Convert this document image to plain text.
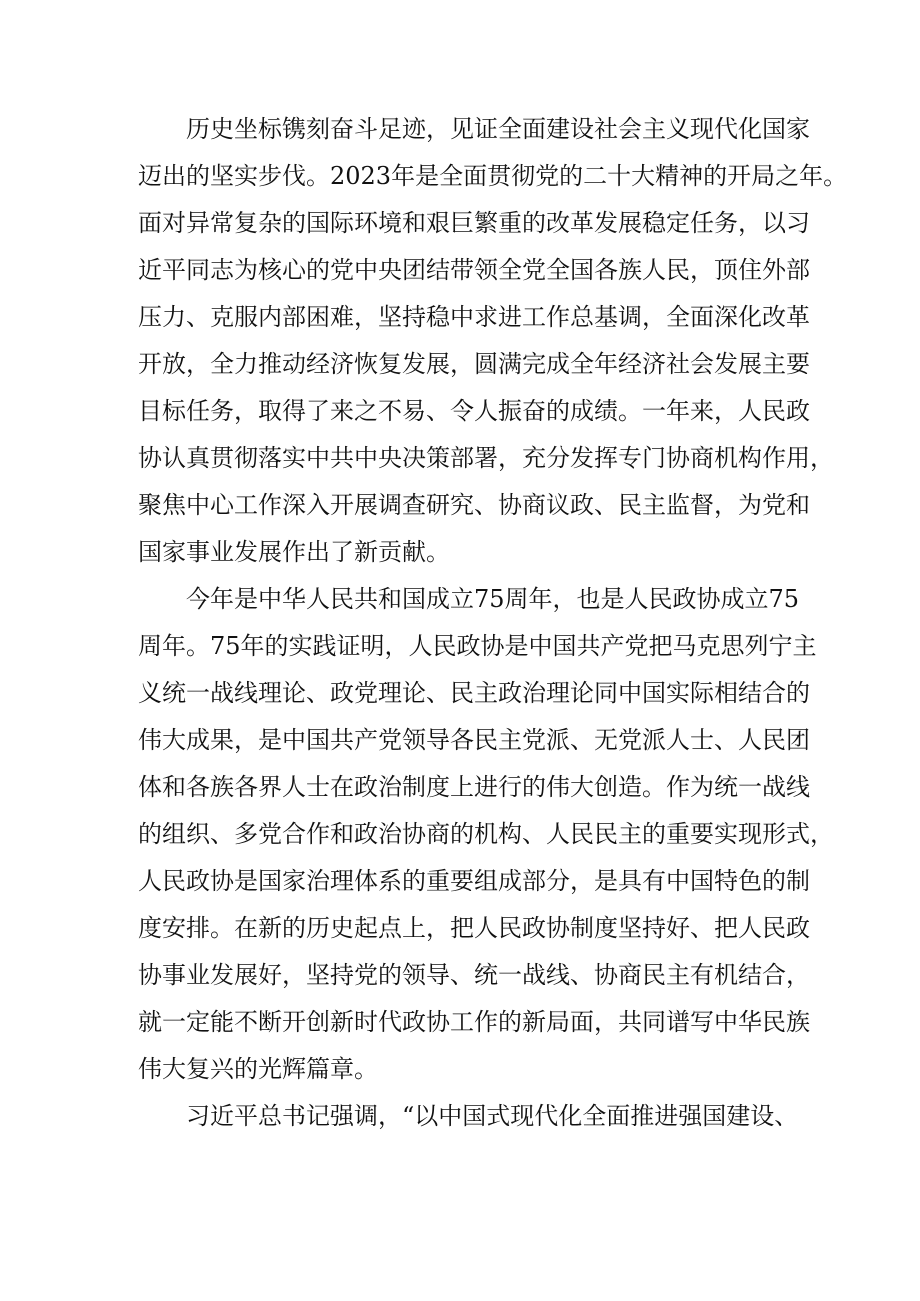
历史坐标镌刻奋斗足迹，见证全面建设社会主义现代化国家
迈出的坚实步伐。2023年是全面贯彻党的二十大精神的开局之年。
面对异常复杂的国际环境和艰巨繁重的改革发展稳定任务，以习
近平同志为核心的党中央团结带领全党全国各族人民，顶住外部
压力、克服内部困难，坚持稳中求进工作总基调，全面深化改革
开放，全力推动经济恢复发展，圆满完成全年经济社会发展主要
目标任务，取得了来之不易、令人振奋的成绩。一年来，人民政
协认真贯彻落实中共中央决策部署，充分发挥专门协商机构作用，
聚焦中心工作深入开展调查研究、协商议政、民主监督，为党和
国家事业发展作出了新贡献。
今年是中华人民共和国成立75周年，也是人民政协成立75
周年。75年的实践证明，人民政协是中国共产党把马克思列宁主
义统一战线理论、政党理论、民主政治理论同中国实际相结合的
伟大成果，是中国共产党领导各民主党派、无党派人士、人民团
体和各族各界人士在政治制度上进行的伟大创造。作为统一战线
的组织、多党合作和政治协商的机构、人民民主的重要实现形式，
人民政协是国家治理体系的重要组成部分，是具有中国特色的制
度安排。在新的历史起点上，把人民政协制度坚持好、把人民政
协事业发展好，坚持党的领导、统一战线、协商民主有机结合，
就一定能不断开创新时代政协工作的新局面，共同谱写中华民族
伟大复兴的光辉篇章。
习近平总书记强调，“以中国式现代化全面推进强国建设、
